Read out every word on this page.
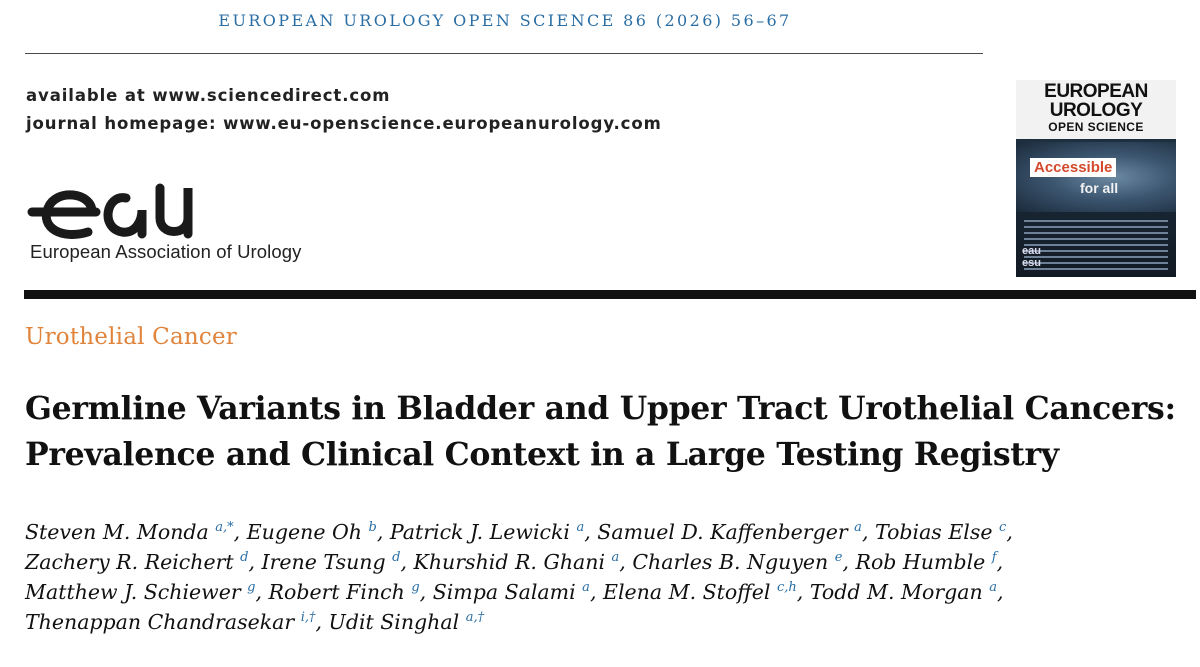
EUROPEAN UROLOGY OPEN SCIENCE 86 (2026) 56–67
available at www.sciencedirect.com
journal homepage: www.eu-openscience.europeanurology.com
European Association of Urology
EUROPEAN
UROLOGY
OPEN SCIENCE
Accessible
for all
eau
esu
Urothelial Cancer
Germline Variants in Bladder and Upper Tract Urothelial Cancers:
Prevalence and Clinical Context in a Large Testing Registry
Steven M. Monda $^{a,*}$, Eugene Oh $^b$, Patrick J. Lewicki $^a$, Samuel D. Kaffenberger $^a$, Tobias Else $^c$,
Zachery R. Reichert $^d$, Irene Tsung $^d$, Khurshid R. Ghani $^a$, Charles B. Nguyen $^e$, Rob Humble $^f$,
Matthew J. Schiewer $^g$, Robert Finch $^g$, Simpa Salami $^a$, Elena M. Stoffel $^{c,h}$, Todd M. Morgan $^a$,
Thenappan Chandrasekar $^{i,\dagger}$, Udit Singhal $^{a,\dagger}$
